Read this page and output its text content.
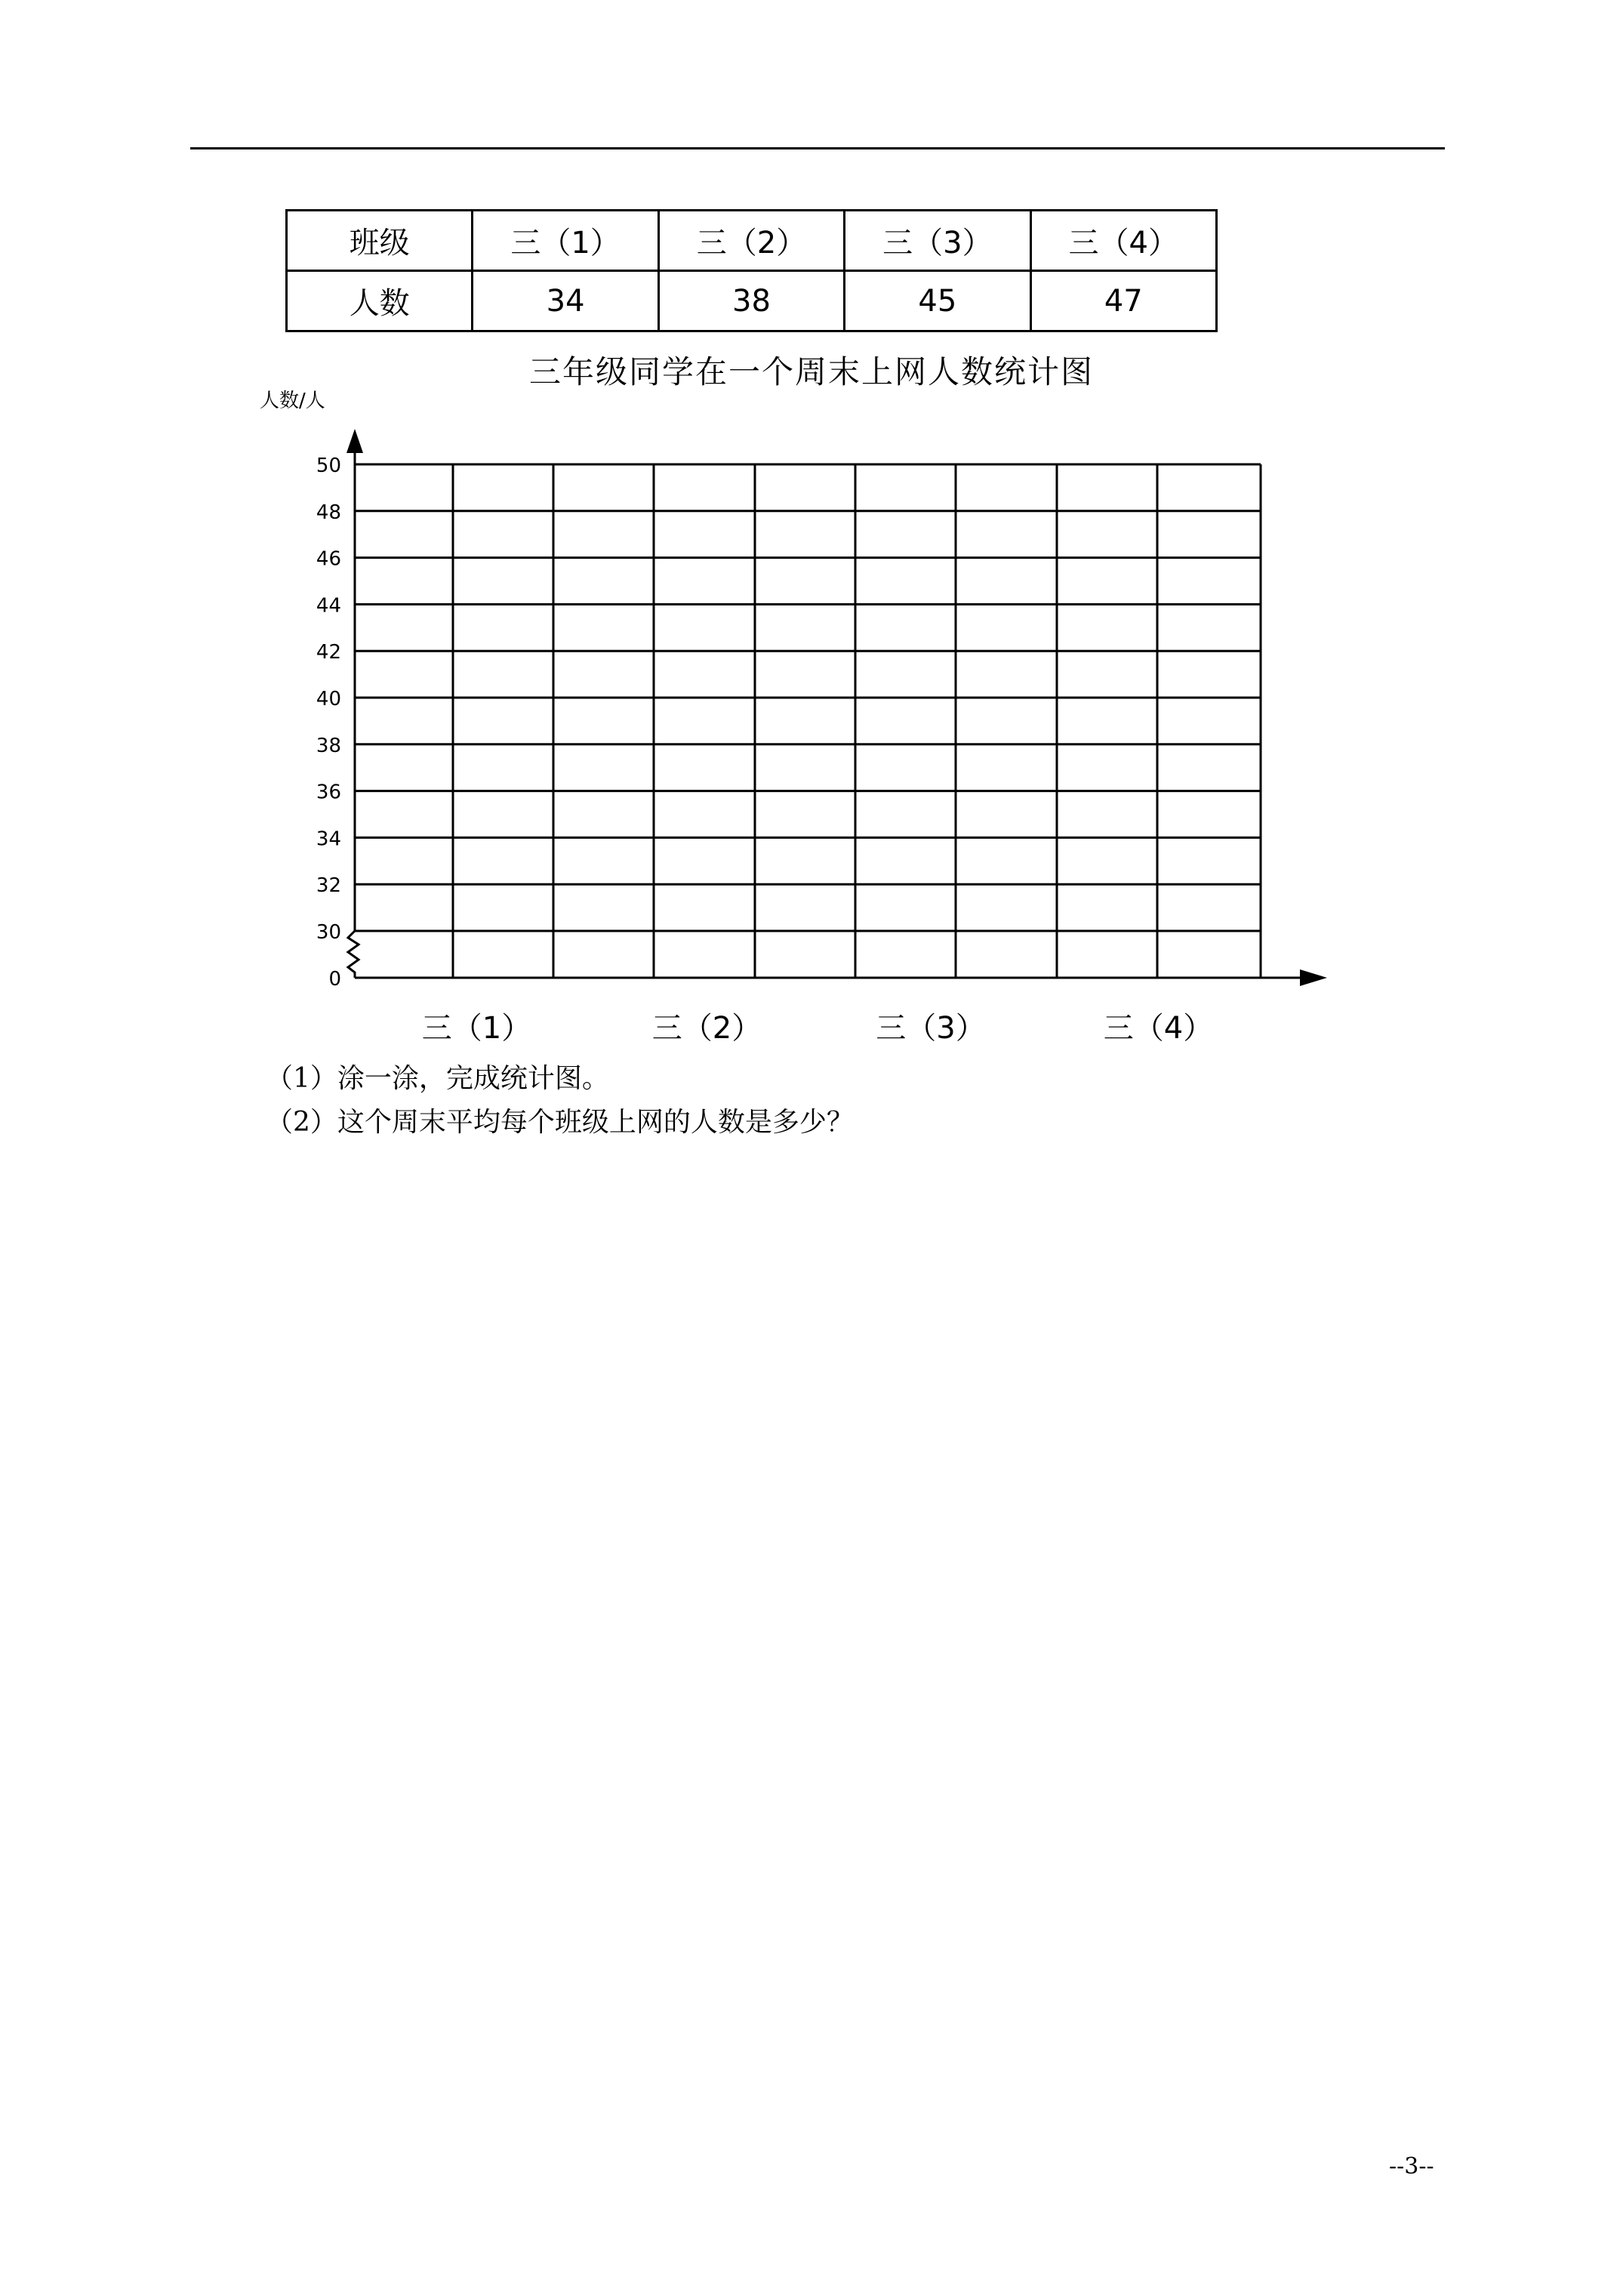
班级	三（1）	三（2）	三（3）	三（4）
人数	34	38	45	47
三年级同学在一个周末上网人数统计图
人数/人
0
30
32
34
36
38
40
42
44
46
48
50
三（1）	三（2）	三（3）	三（4）
（1）涂一涂，完成统计图。
（2）这个周末平均每个班级上网的人数是多少？
--3--
